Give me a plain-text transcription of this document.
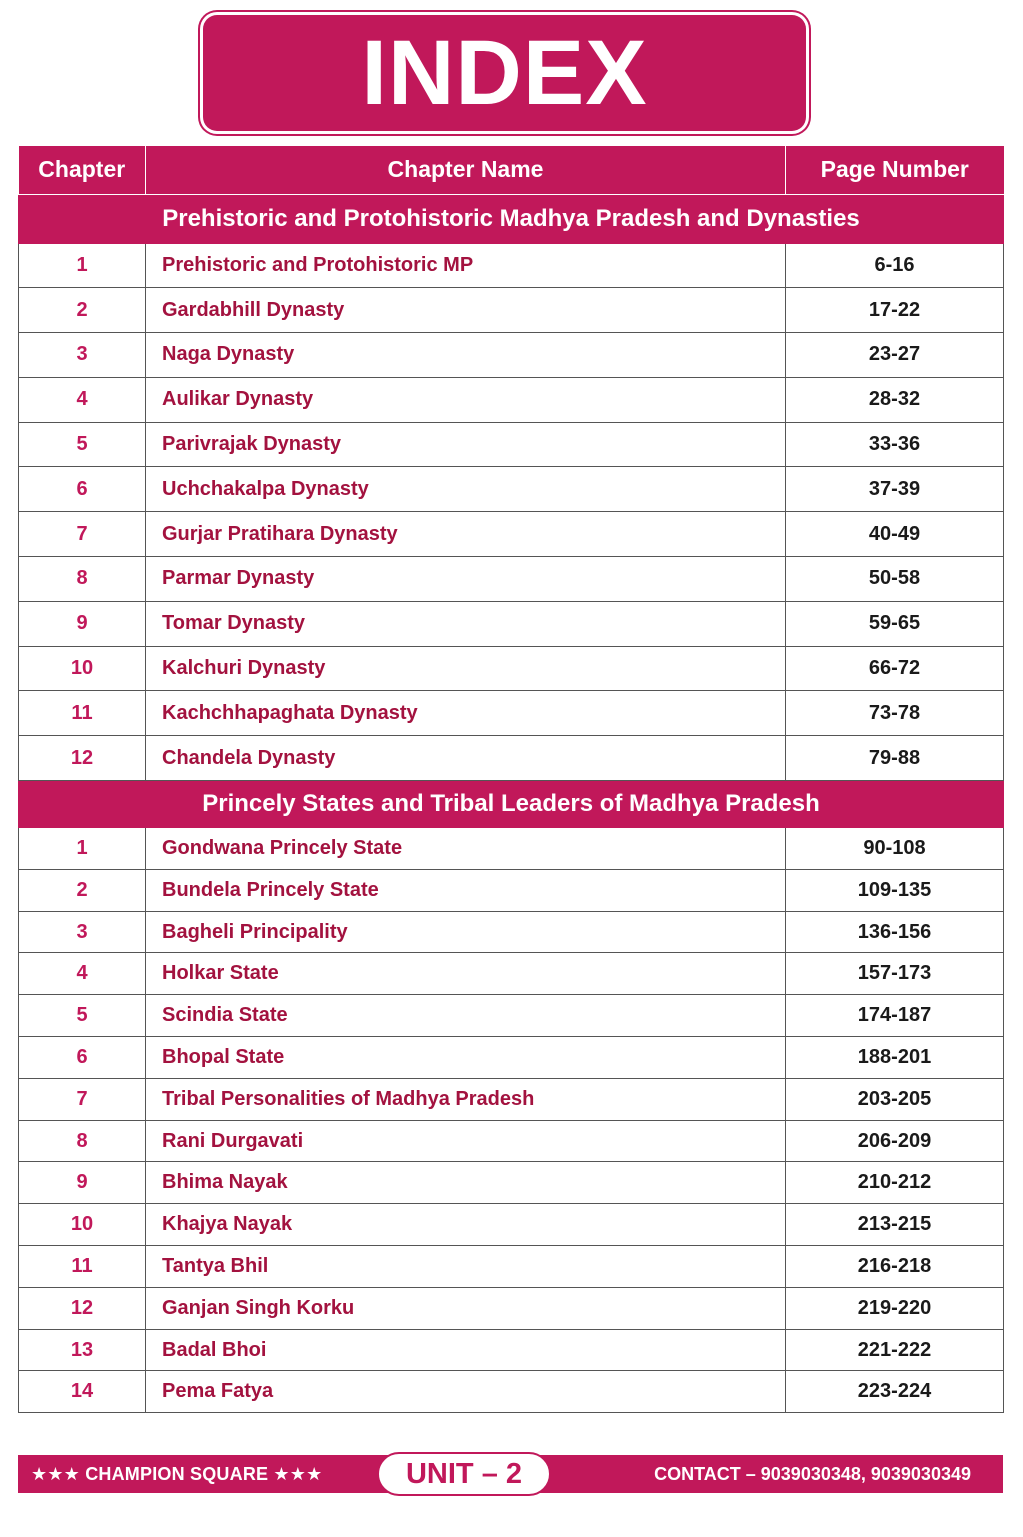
INDEX
Chapter	Chapter Name	Page Number
Prehistoric and Protohistoric Madhya Pradesh and Dynasties		
1	Prehistoric and Protohistoric MP	6-16
2	Gardabhill Dynasty	17-22
3	Naga Dynasty	23-27
4	Aulikar Dynasty	28-32
5	Parivrajak Dynasty	33-36
6	Uchchakalpa Dynasty	37-39
7	Gurjar Pratihara Dynasty	40-49
8	Parmar Dynasty	50-58
9	Tomar Dynasty	59-65
10	Kalchuri Dynasty	66-72
11	Kachchhapaghata Dynasty	73-78
12	Chandela Dynasty	79-88
Princely States and Tribal Leaders of Madhya Pradesh		
1	Gondwana Princely State	90-108
2	Bundela Princely State	109-135
3	Bagheli Principality	136-156
4	Holkar State	157-173
5	Scindia State	174-187
6	Bhopal State	188-201
7	Tribal Personalities of Madhya Pradesh	203-205
8	Rani Durgavati	206-209
9	Bhima Nayak	210-212
10	Khajya Nayak	213-215
11	Tantya Bhil	216-218
12	Ganjan Singh Korku	219-220
13	Badal Bhoi	221-222
14	Pema Fatya	223-224
★★★ CHAMPION SQUARE ★★★	CONTACT – 9039030348, 9039030349
UNIT – 2
